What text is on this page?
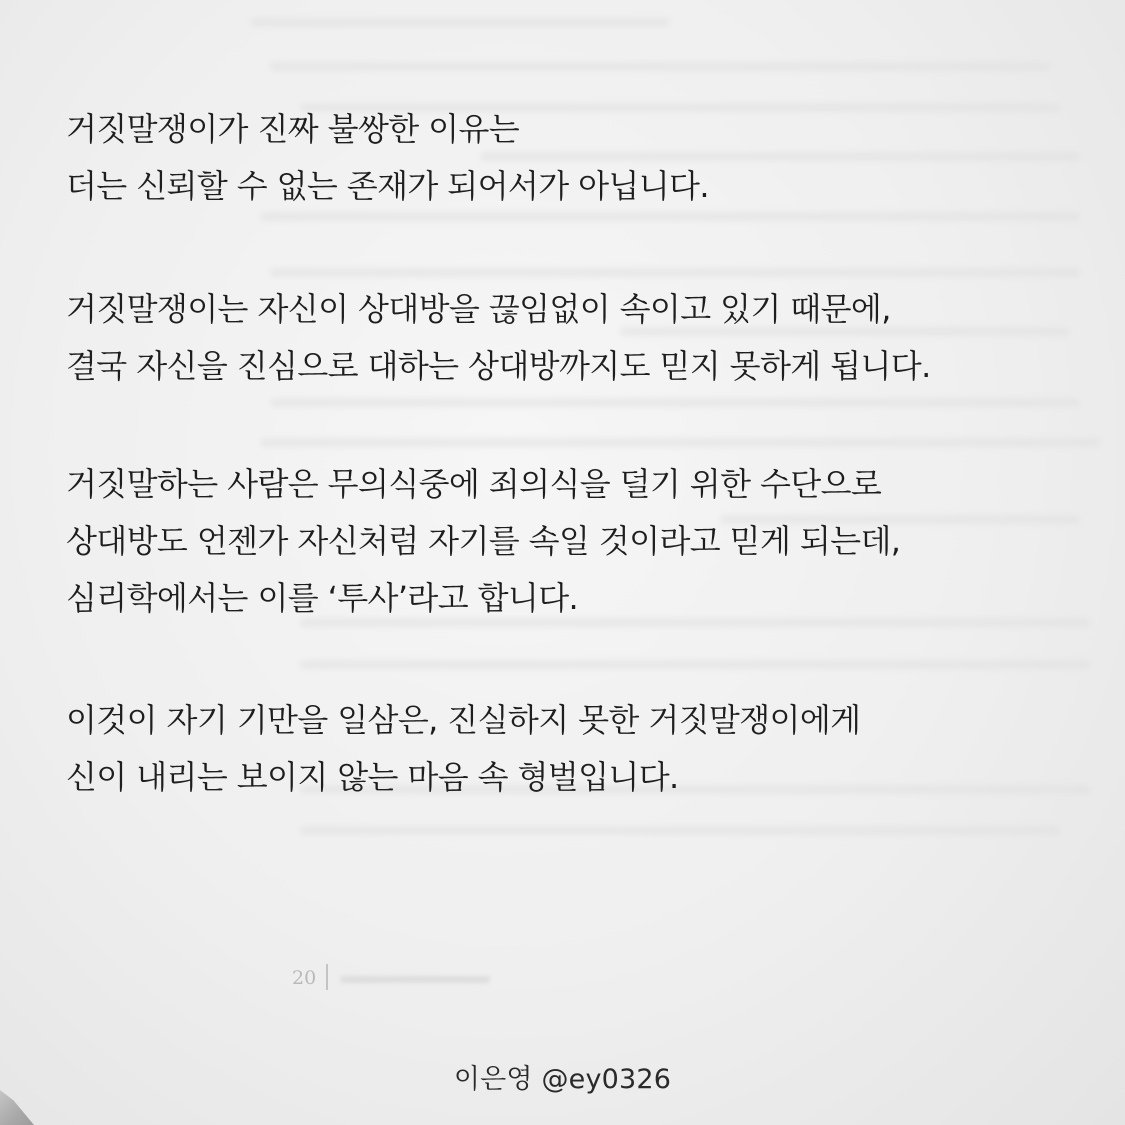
거짓말쟁이가 진짜 불쌍한 이유는
더는 신뢰할 수 없는 존재가 되어서가 아닙니다.
거짓말쟁이는 자신이 상대방을 끊임없이 속이고 있기 때문에,
결국 자신을 진심으로 대하는 상대방까지도 믿지 못하게 됩니다.
거짓말하는 사람은 무의식중에 죄의식을 덜기 위한 수단으로
상대방도 언젠가 자신처럼 자기를 속일 것이라고 믿게 되는데,
심리학에서는 이를 ‘투사’라고 합니다.
이것이 자기 기만을 일삼은, 진실하지 못한 거짓말쟁이에게
신이 내리는 보이지 않는 마음 속 형벌입니다.
20
이은영 @ey0326
